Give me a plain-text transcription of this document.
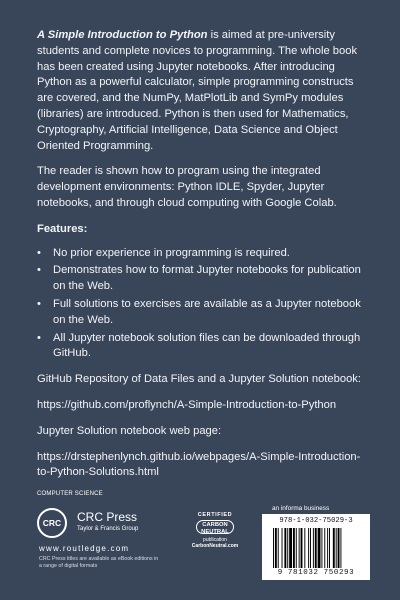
A Simple Introduction to Python is aimed at pre-university students and complete novices to programming. The whole book has been created using Jupyter notebooks. After introducing Python as a powerful calculator, simple programming constructs are covered, and the NumPy, MatPlotLib and SymPy modules (libraries) are introduced. Python is then used for Mathematics, Cryptography, Artificial Intelligence, Data Science and Object Oriented Programming.

The reader is shown how to program using the integrated development environments: Python IDLE, Spyder, Jupyter notebooks, and through cloud computing with Google Colab.

Features:

• No prior experience in programming is required.
• Demonstrates how to format Jupyter notebooks for publication on the Web.
• Full solutions to exercises are available as a Jupyter notebook on the Web.
• All Jupyter notebook solution files can be downloaded through GitHub.

GitHub Repository of Data Files and a Jupyter Solution notebook:

https://github.com/proflynch/A-Simple-Introduction-to-Python

Jupyter Solution notebook web page:

https://drstephenlynch.github.io/webpages/A-Simple-Introduction-to-Python-Solutions.html

COMPUTER SCIENCE
CRC	CRC Press
Taylor & Francis Group
www.routledge.com
CRC Press titles are available as eBook editions in a range of digital formats
CERTIFIED
CARBON
NEUTRAL
publication
CarbonNeutral.com
an informa business
978-1-032-75029-3
9 781032 750293
